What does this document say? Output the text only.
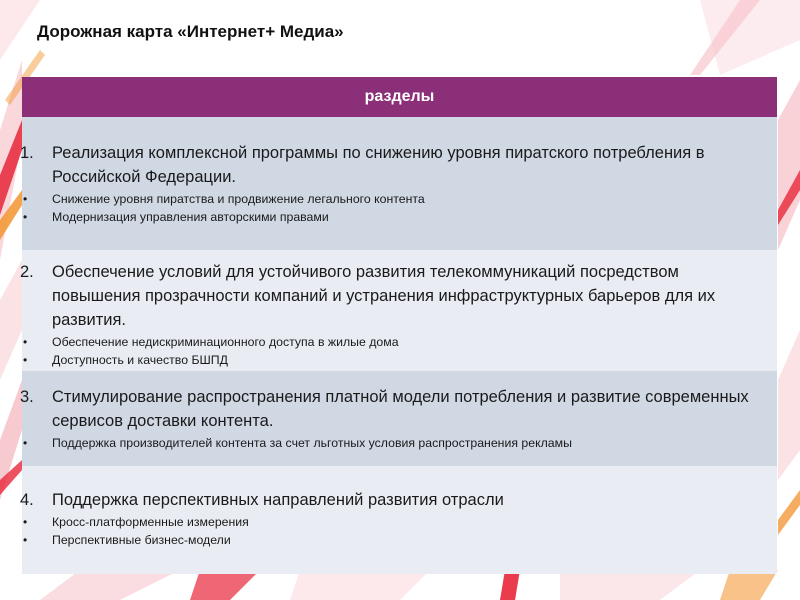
Дорожная карта «Интернет+ Медиа»
разделы
1.	Реализация комплексной программы по снижению уровня пиратского потребления в Российской Федерации.
•	Снижение уровня пиратства и продвижение легального контента
•	Модернизация управления авторскими правами
2.	Обеспечение условий для устойчивого развития телекоммуникаций посредством повышения прозрачности компаний и устранения инфраструктурных барьеров для их развития.
•	Обеспечение недискриминационного доступа в жилые дома
•	Доступность и качество БШПД
3.	Стимулирование распространения платной модели потребления и развитие современных сервисов доставки контента.
•	Поддержка производителей контента за счет льготных условия распространения рекламы
4.	Поддержка перспективных направлений развития отрасли
•	Кросс-платформенные измерения
•	Перспективные бизнес-модели
